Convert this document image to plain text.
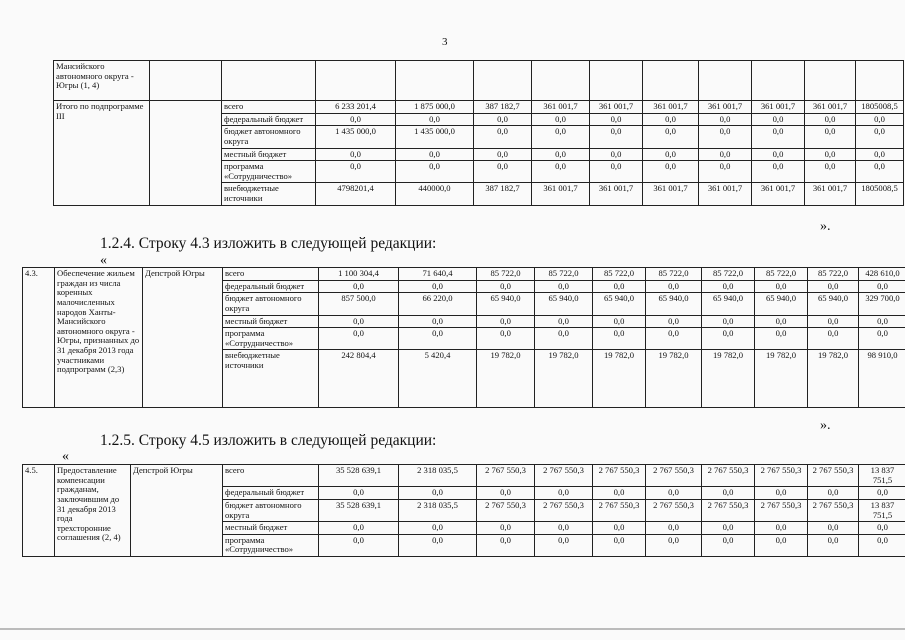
3
Мансийского автономного округа - Югры (1, 4)												
Итого по подпрограмме III		всего	6 233 201,4	1 875 000,0	387 182,7	361 001,7	361 001,7	361 001,7	361 001,7	361 001,7	361 001,7	1805008,5
		федеральный бюджет	0,0	0,0	0,0	0,0	0,0	0,0	0,0	0,0	0,0	0,0
		бюджет автономного округа	1 435 000,0	1 435 000,0	0,0	0,0	0,0	0,0	0,0	0,0	0,0	0,0
		местный бюджет	0,0	0,0	0,0	0,0	0,0	0,0	0,0	0,0	0,0	0,0
		программа «Сотрудничество»	0,0	0,0	0,0	0,0	0,0	0,0	0,0	0,0	0,0	0,0
		внебюджетные источники	4798201,4	440000,0	387 182,7	361 001,7	361 001,7	361 001,7	361 001,7	361 001,7	361 001,7	1805008,5
».
1.2.4. Строку 4.3 изложить в следующей редакции:
«
4.3.	Обеспечение жильем граждан из числа коренных малочисленных народов Ханты-Мансийского автономного округа - Югры, признанных до 31 декабря 2013 года участниками подпрограмм (2,3)	Депстрой Югры	всего	1 100 304,4	71 640,4	85 722,0	85 722,0	85 722,0	85 722,0	85 722,0	85 722,0	85 722,0	428 610,0
			федеральный бюджет	0,0	0,0	0,0	0,0	0,0	0,0	0,0	0,0	0,0	0,0
			бюджет автономного округа	857 500,0	66 220,0	65 940,0	65 940,0	65 940,0	65 940,0	65 940,0	65 940,0	65 940,0	329 700,0
			местный бюджет	0,0	0,0	0,0	0,0	0,0	0,0	0,0	0,0	0,0	0,0
			программа «Сотрудничество»	0,0	0,0	0,0	0,0	0,0	0,0	0,0	0,0	0,0	0,0
			внебюджетные источники	242 804,4	5 420,4	19 782,0	19 782,0	19 782,0	19 782,0	19 782,0	19 782,0	19 782,0	98 910,0
».
1.2.5. Строку 4.5 изложить в следующей редакции:
«
4.5.	Предоставление компенсации гражданам, заключившим до 31 декабря 2013 года трехсторонние соглашения (2, 4)	Депстрой Югры	всего	35 528 639,1	2 318 035,5	2 767 550,3	2 767 550,3	2 767 550,3	2 767 550,3	2 767 550,3	2 767 550,3	2 767 550,3	13 837 751,5
			федеральный бюджет	0,0	0,0	0,0	0,0	0,0	0,0	0,0	0,0	0,0	0,0
			бюджет автономного округа	35 528 639,1	2 318 035,5	2 767 550,3	2 767 550,3	2 767 550,3	2 767 550,3	2 767 550,3	2 767 550,3	2 767 550,3	13 837 751,5
			местный бюджет	0,0	0,0	0,0	0,0	0,0	0,0	0,0	0,0	0,0	0,0
			программа «Сотрудничество»	0,0	0,0	0,0	0,0	0,0	0,0	0,0	0,0	0,0	0,0
